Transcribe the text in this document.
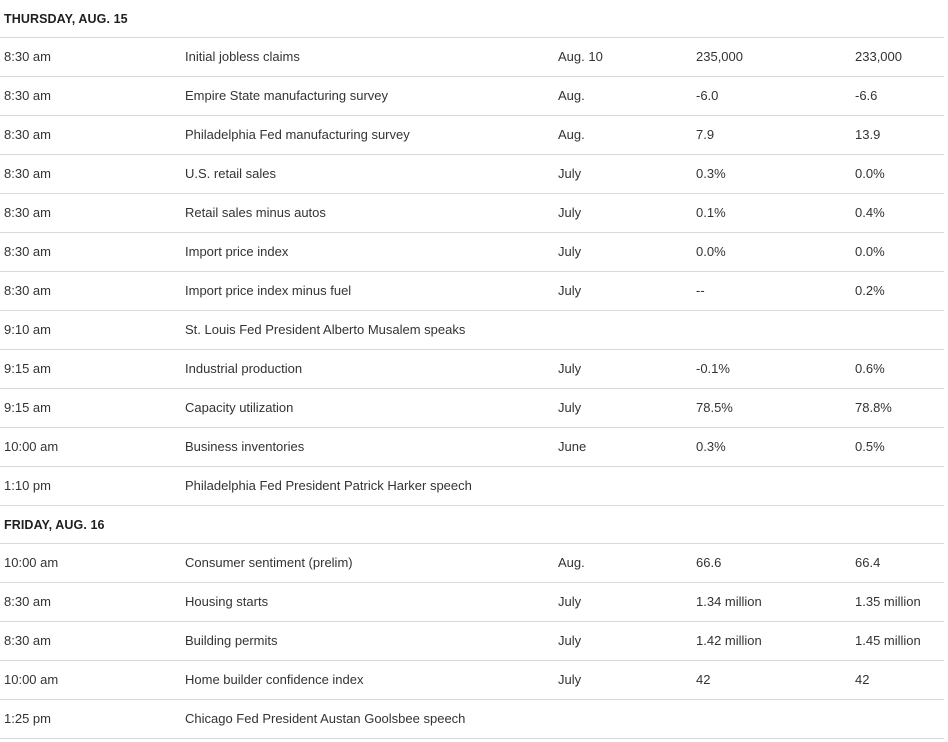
THURSDAY, AUG. 15
8:30 am	Initial jobless claims	Aug. 10	235,000	233,000
8:30 am	Empire State manufacturing survey	Aug.	-6.0	-6.6
8:30 am	Philadelphia Fed manufacturing survey	Aug.	7.9	13.9
8:30 am	U.S. retail sales	July	0.3%	0.0%
8:30 am	Retail sales minus autos	July	0.1%	0.4%
8:30 am	Import price index	July	0.0%	0.0%
8:30 am	Import price index minus fuel	July	--	0.2%
9:10 am	St. Louis Fed President Alberto Musalem speaks
9:15 am	Industrial production	July	-0.1%	0.6%
9:15 am	Capacity utilization	July	78.5%	78.8%
10:00 am	Business inventories	June	0.3%	0.5%
1:10 pm	Philadelphia Fed President Patrick Harker speech
FRIDAY, AUG. 16
10:00 am	Consumer sentiment (prelim)	Aug.	66.6	66.4
8:30 am	Housing starts	July	1.34 million	1.35 million
8:30 am	Building permits	July	1.42 million	1.45 million
10:00 am	Home builder confidence index	July	42	42
1:25 pm	Chicago Fed President Austan Goolsbee speech
